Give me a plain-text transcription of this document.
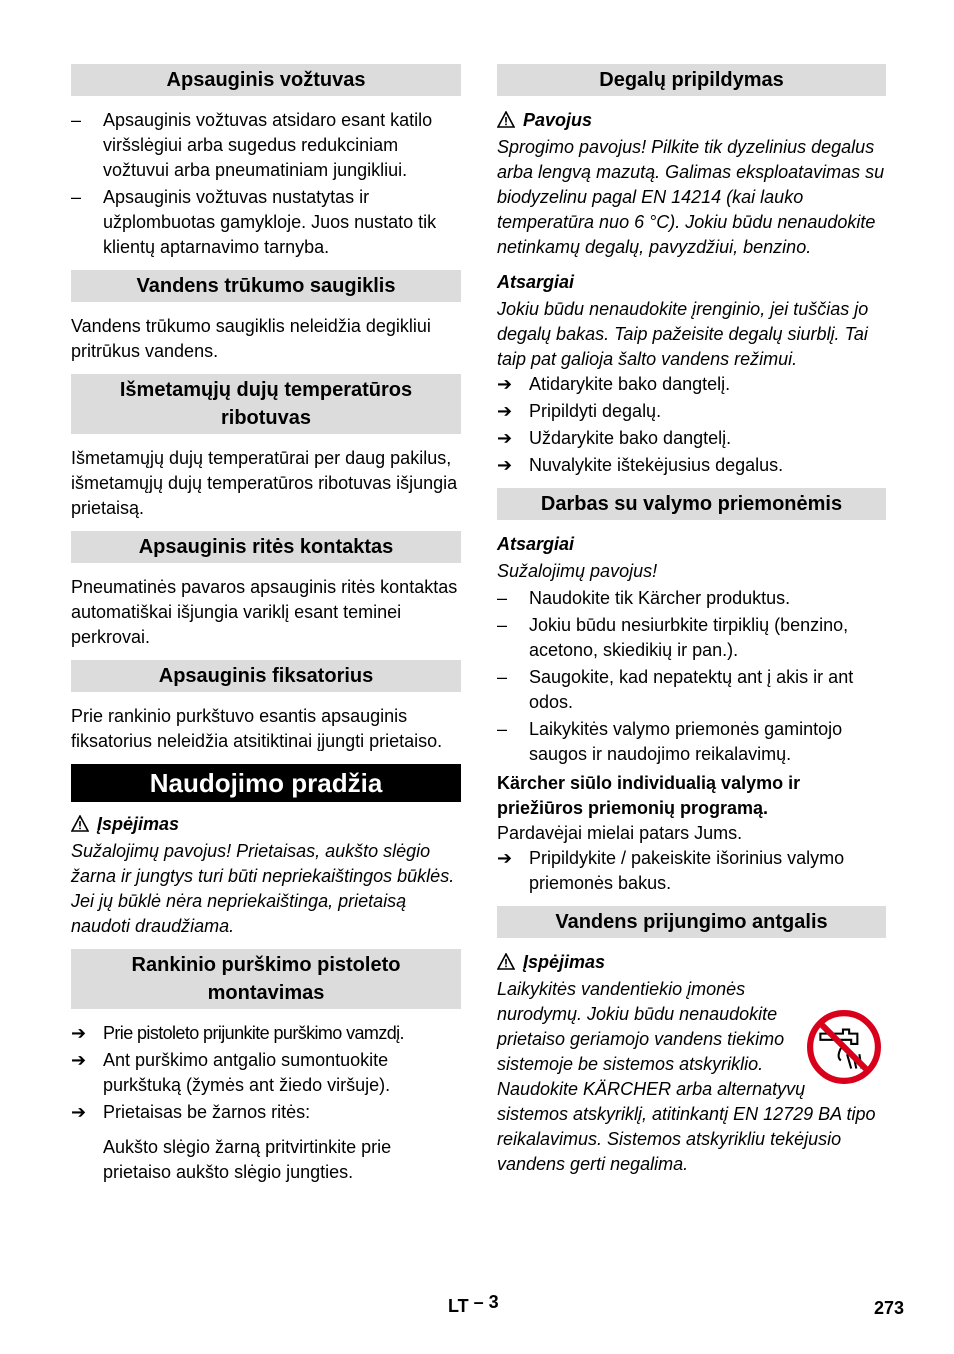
Apsauginis vožtuvas
–	Apsauginis vožtuvas atsidaro esant katilo viršslėgiui arba sugedus redukciniam vožtuvui arba pneumatiniam jungikliui.
–	Apsauginis vožtuvas nustatytas ir užplombuotas gamykloje. Juos nustato tik klientų aptarnavimo tarnyba.
Vandens trūkumo saugiklis

Vandens trūkumo saugiklis neleidžia degikliui pritrūkus vandens.

Išmetamųjų dujų temperatūros ribotuvas

Išmetamųjų dujų temperatūrai per daug pakilus, išmetamųjų dujų temperatūros ribotuvas išjungia prietaisą.

Apsauginis ritės kontaktas

Pneumatinės pavaros apsauginis ritės kontaktas automatiškai išjungia variklį esant teminei perkrovai.

Apsauginis fiksatorius

Prie rankinio purkštuvo esantis apsauginis fiksatorius neleidžia atsitiktinai įjungti prietaiso.

Naudojimo pradžia
Įspėjimas

Sužalojimų pavojus! Prietaisas, aukšto slėgio žarna ir jungtys turi būti nepriekaištingos būklės. Jei jų būklė nėra nepriekaištinga, prietaisą naudoti draudžiama.

Rankinio purškimo pistoleto montavimas
➔ Prie pistoleto prijunkite purškimo vamzdį.
➔ Ant purškimo antgalio sumontuokite purkštuką (žymės ant žiedo viršuje).
➔ Prietaisas be žarnos ritės:
Aukšto slėgio žarną pritvirtinkite prie prietaiso aukšto slėgio jungties.
Degalų pripildymas
Pavojus

Sprogimo pavojus! Pilkite tik dyzelinius degalus arba lengvą mazutą. Galimas eksploatavimas su biodyzelinu pagal EN 14214 (kai lauko temperatūra nuo 6 °C). Jokiu būdu nenaudokite netinkamų degalų, pavyzdžiui, benzino.

Atsargiai

Jokiu būdu nenaudokite įrenginio, jei tuščias jo degalų bakas. Taip pažeisite degalų siurblį. Tai taip pat galioja šalto vandens režimui.

➔ Atidarykite bako dangtelį.
➔ Pripildyti degalų.
➔ Uždarykite bako dangtelį.
➔ Nuvalykite ištekėjusius degalus.
Darbas su valymo priemonėmis
Atsargiai

Sužalojimų pavojus!

–	Naudokite tik Kärcher produktus.
–	Jokiu būdu nesiurbkite tirpiklių (benzino, acetono, skiedikių ir pan.).
–	Saugokite, kad nepatektų ant į akis ir ant odos.
–	Laikykitės valymo priemonės gamintojo saugos ir naudojimo reikalavimų.

Kärcher siūlo individualią valymo ir priežiūros priemonių programą.

Pardavėjai mielai patars Jums.

➔ Pripildykite / pakeiskite išorinius valymo priemonės bakus.
Vandens prijungimo antgalis
Įspėjimas

Laikykitės vandentiekio įmonės nurodymų. Jokiu būdu nenaudokite prietaiso geriamojo vandens tiekimo sistemoje be sistemos atskyriklio. Naudokite KÄRCHER arba alternatyvų sistemos atskyriklį, atitinkantį EN 12729 BA tipo reikalavimus. Sistemos atskyrikliu tekėjusio vandens gerti negalima.

LT – 3	273
